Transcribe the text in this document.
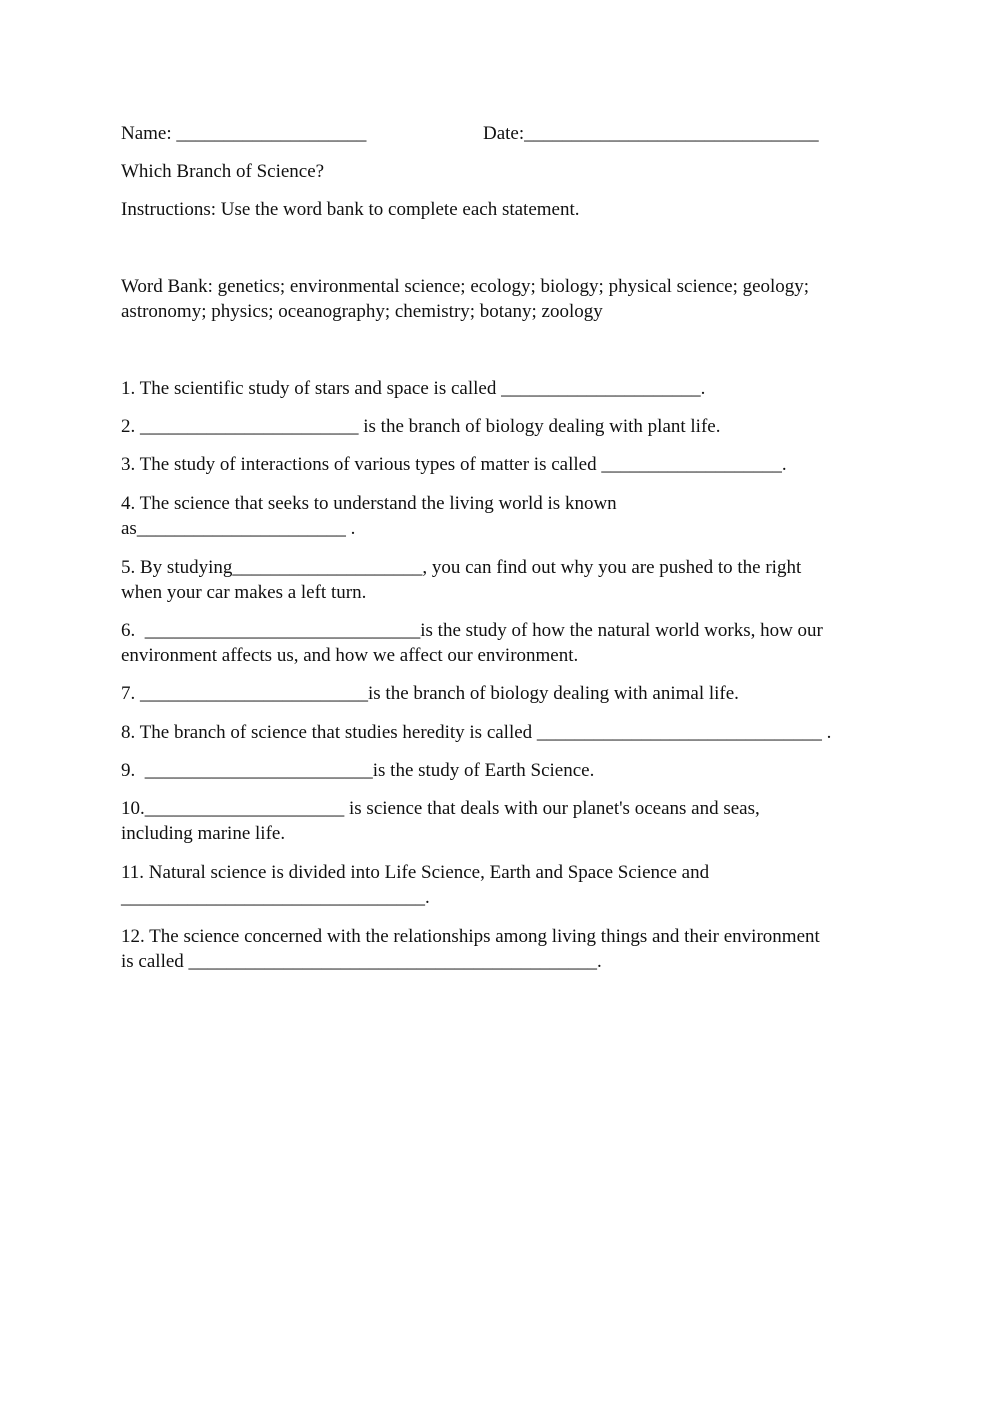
Name: ____________________	Date:_______________________________

Which Branch of Science?

Instructions: Use the word bank to complete each statement.

Word Bank: genetics; environmental science; ecology; biology; physical science; geology;
astronomy; physics; oceanography; chemistry; botany; zoology
1. The scientific study of stars and space is called _____________________.
2. _______________________ is the branch of biology dealing with plant life.
3. The study of interactions of various types of matter is called ___________________.
4. The science that seeks to understand the living world is known
as______________________ .
5. By studying____________________, you can find out why you are pushed to the right
when your car makes a left turn.
6.  _____________________________is the study of how the natural world works, how our
environment affects us, and how we affect our environment.
7. ________________________is the branch of biology dealing with animal life.
8. The branch of science that studies heredity is called ______________________________ .
9.  ________________________is the study of Earth Science.
10._____________________ is science that deals with our planet's oceans and seas,
including marine life.
11. Natural science is divided into Life Science, Earth and Space Science and
________________________________.
12. The science concerned with the relationships among living things and their environment
is called ___________________________________________.
